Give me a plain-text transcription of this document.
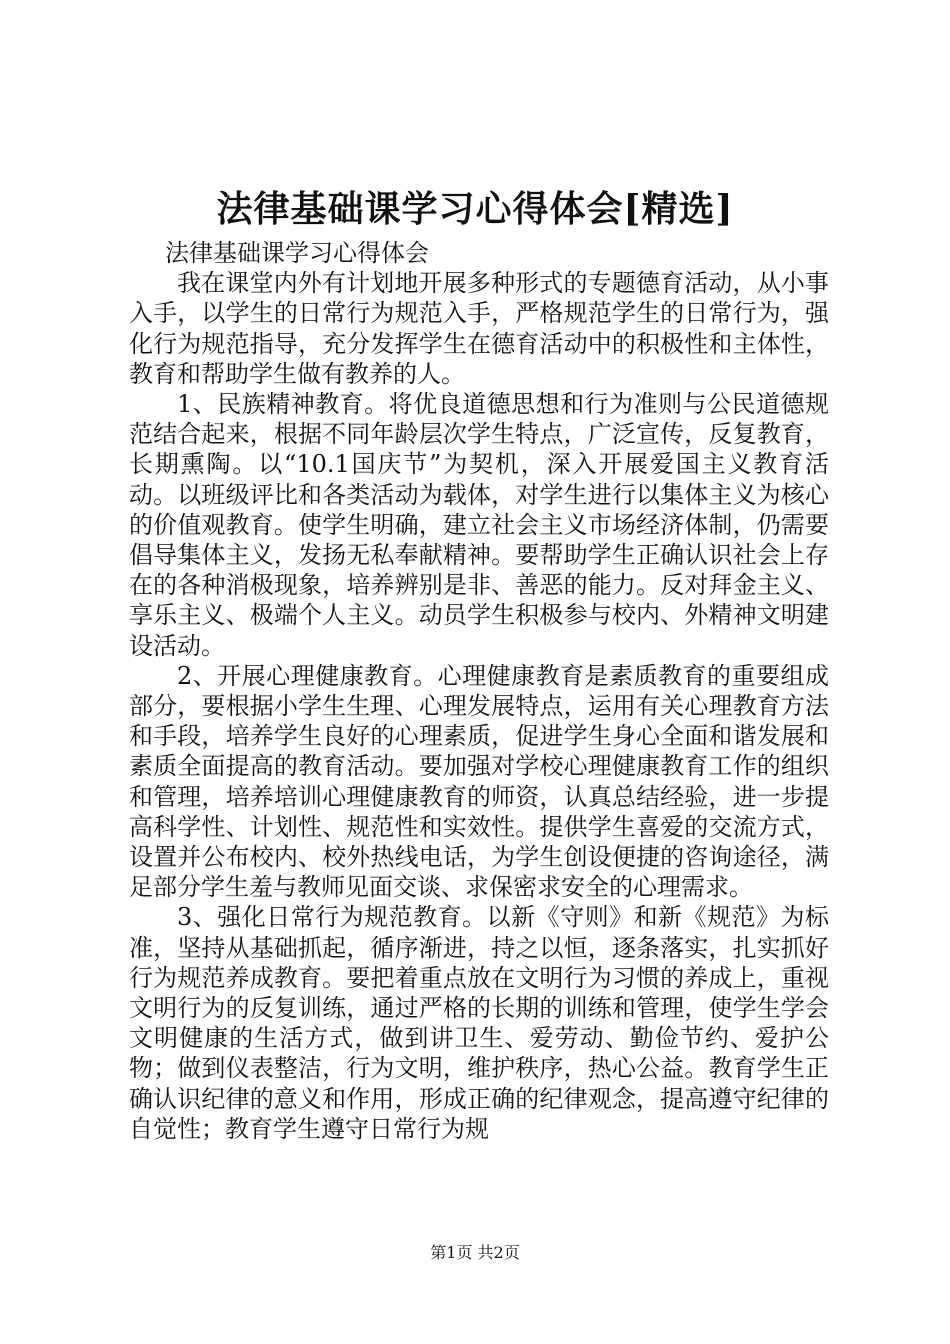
法律基础课学习心得体会[精选]

法律基础课学习心得体会

我在课堂内外有计划地开展多种形式的专题德育活动，从小事入手，以学生的日常行为规范入手，严格规范学生的日常行为，强化行为规范指导，充分发挥学生在德育活动中的积极性和主体性，教育和帮助学生做有教养的人。

1、民族精神教育。将优良道德思想和行为准则与公民道德规范结合起来，根据不同年龄层次学生特点，广泛宣传，反复教育，长期熏陶。以“10.1国庆节”为契机，深入开展爱国主义教育活动。以班级评比和各类活动为载体，对学生进行以集体主义为核心的价值观教育。使学生明确，建立社会主义市场经济体制，仍需要倡导集体主义，发扬无私奉献精神。要帮助学生正确认识社会上存在的各种消极现象，培养辨别是非、善恶的能力。反对拜金主义、享乐主义、极端个人主义。动员学生积极参与校内、外精神文明建设活动。

2、开展心理健康教育。心理健康教育是素质教育的重要组成部分，要根据小学生生理、心理发展特点，运用有关心理教育方法和手段，培养学生良好的心理素质，促进学生身心全面和谐发展和素质全面提高的教育活动。要加强对学校心理健康教育工作的组织和管理，培养培训心理健康教育的师资，认真总结经验，进一步提高科学性、计划性、规范性和实效性。提供学生喜爱的交流方式，设置并公布校内、校外热线电话，为学生创设便捷的咨询途径，满足部分学生羞与教师见面交谈、求保密求安全的心理需求。

3、强化日常行为规范教育。以新《守则》和新《规范》为标准，坚持从基础抓起，循序渐进，持之以恒，逐条落实，扎实抓好行为规范养成教育。要把着重点放在文明行为习惯的养成上，重视文明行为的反复训练，通过严格的长期的训练和管理，使学生学会文明健康的生活方式，做到讲卫生、爱劳动、勤俭节约、爱护公物；做到仪表整洁，行为文明，维护秩序，热心公益。教育学生正确认识纪律的意义和作用，形成正确的纪律观念，提高遵守纪律的自觉性；教育学生遵守日常行为规

第1页 共2页
